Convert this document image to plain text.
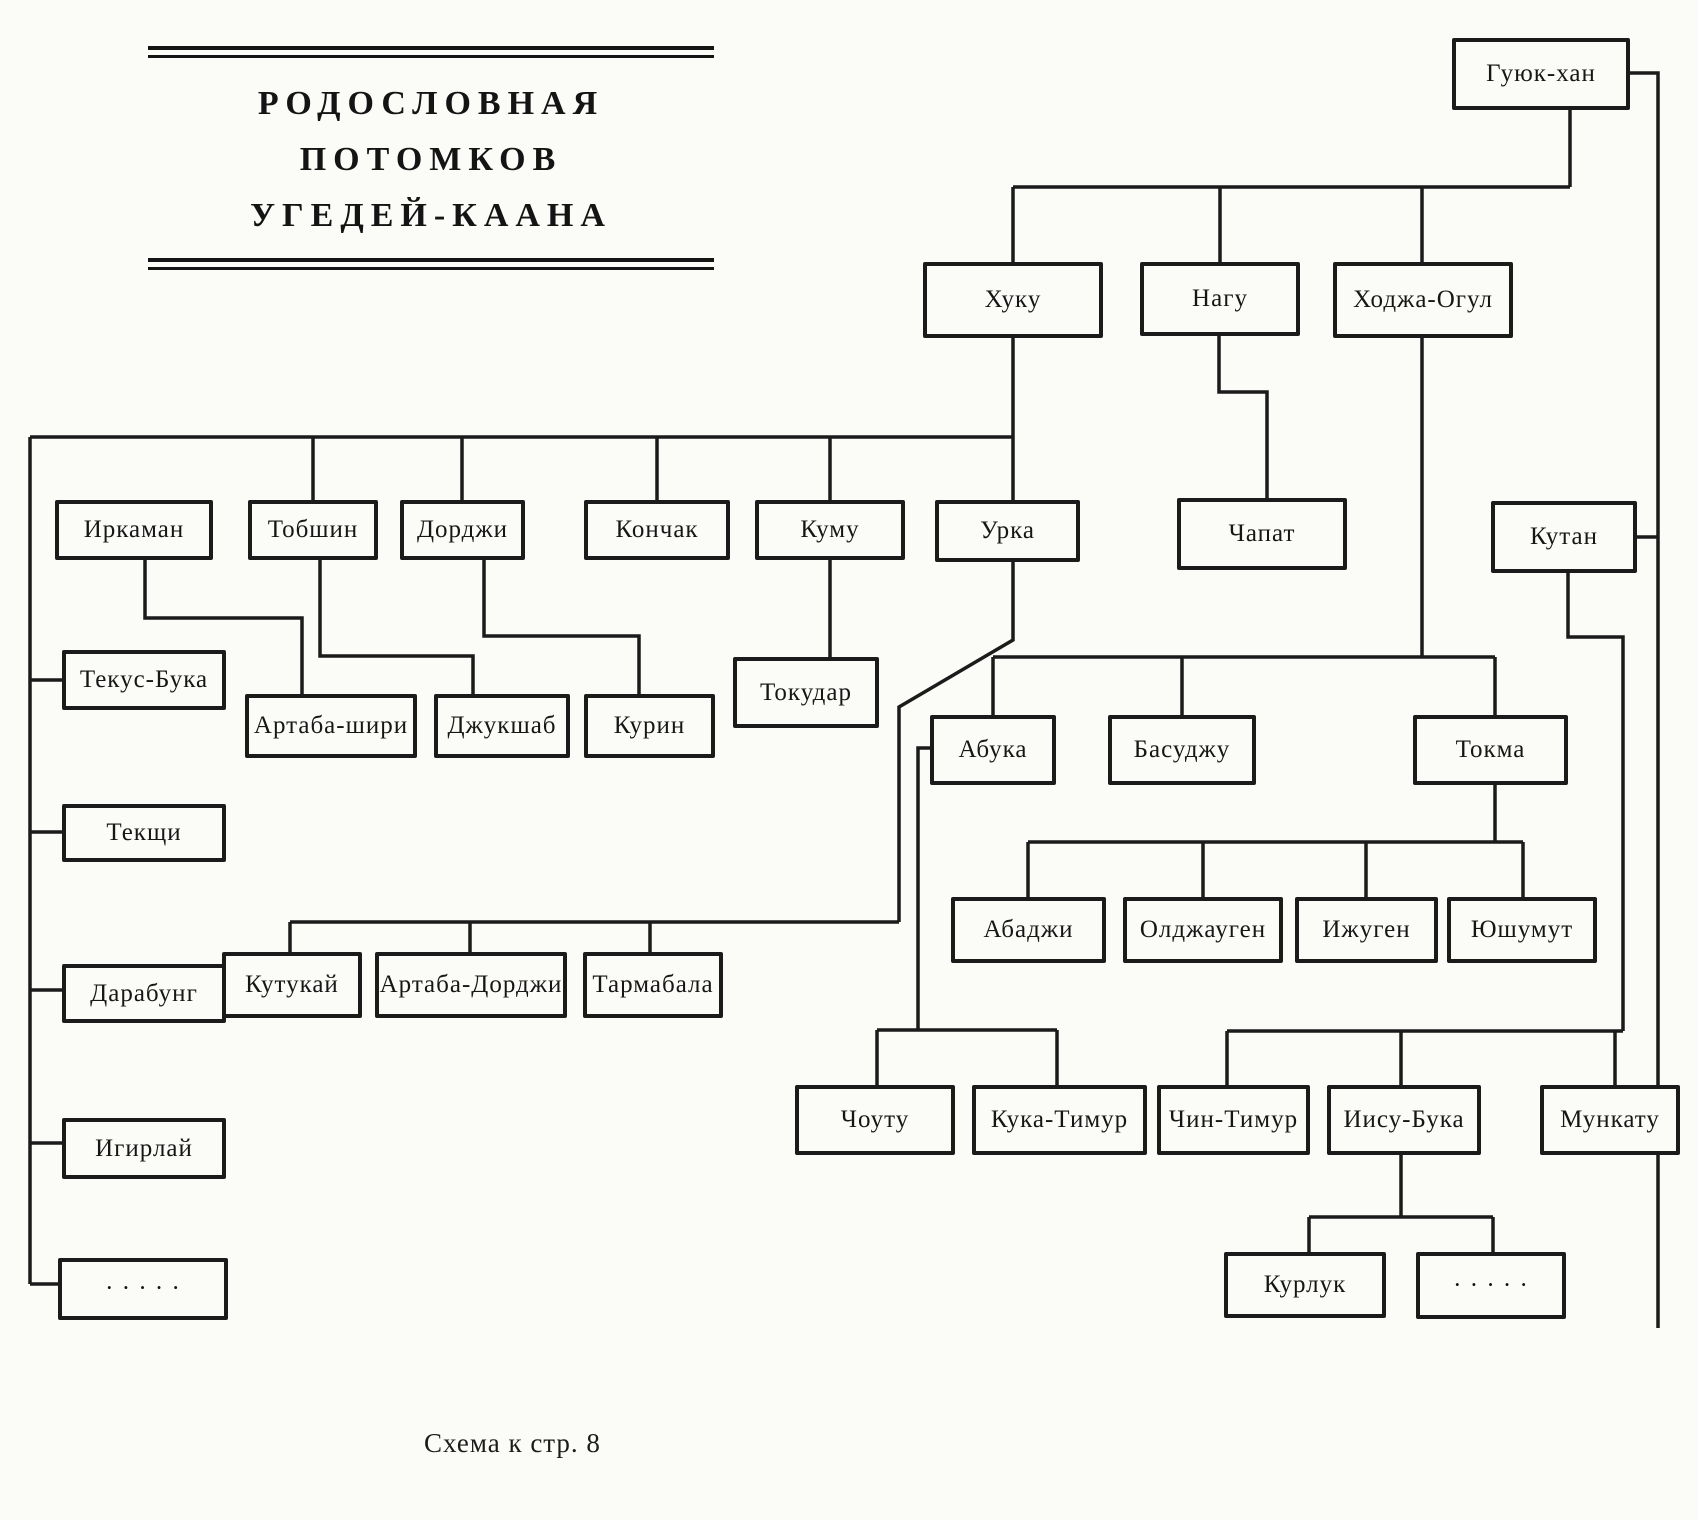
РОДОСЛОВНАЯ ПОТОМКОВ
УГЕДЕЙ-КААНА
Гуюк-хан
Хуку	Нагу	Ходжа-Огул
Чапат	Кутан
Иркаман	Тобшин	Дорджи	Кончак	Куму	Урка
Текус-Бука
Текщи
Дарабунг
Игирлай
· · · · ·
Артаба-шири	Джукшаб	Курин
Токудар
Кутукай	Артаба-Дорджи	Тармабала
Абука	Басуджу	Токма
Абаджи	Олджауген	Ижуген	Юшумут
Чоуту	Кука-Тимур	Чин-Тимур	Иису-Бука	Мункату
Курлук	· · · · ·
Схема к стр. 8
